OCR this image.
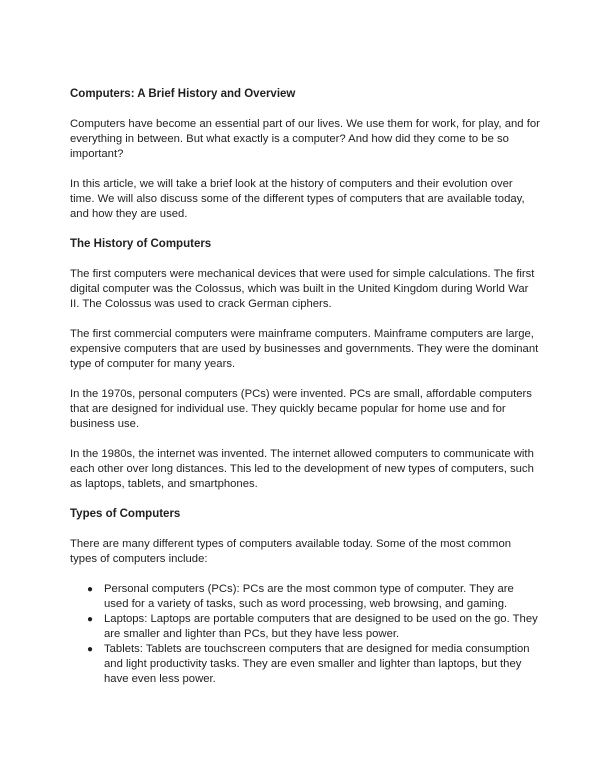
Computers: A Brief History and Overview

Computers have become an essential part of our lives. We use them for work, for play, and for everything in between. But what exactly is a computer? And how did they come to be so important?

In this article, we will take a brief look at the history of computers and their evolution over time. We will also discuss some of the different types of computers that are available today, and how they are used.

The History of Computers

The first computers were mechanical devices that were used for simple calculations. The first digital computer was the Colossus, which was built in the United Kingdom during World War II. The Colossus was used to crack German ciphers.

The first commercial computers were mainframe computers. Mainframe computers are large, expensive computers that are used by businesses and governments. They were the dominant type of computer for many years.

In the 1970s, personal computers (PCs) were invented. PCs are small, affordable computers that are designed for individual use. They quickly became popular for home use and for business use.

In the 1980s, the internet was invented. The internet allowed computers to communicate with each other over long distances. This led to the development of new types of computers, such as laptops, tablets, and smartphones.

Types of Computers

There are many different types of computers available today. Some of the most common types of computers include:

● Personal computers (PCs): PCs are the most common type of computer. They are used for a variety of tasks, such as word processing, web browsing, and gaming.
● Laptops: Laptops are portable computers that are designed to be used on the go. They are smaller and lighter than PCs, but they have less power.
● Tablets: Tablets are touchscreen computers that are designed for media consumption and light productivity tasks. They are even smaller and lighter than laptops, but they have even less power.
